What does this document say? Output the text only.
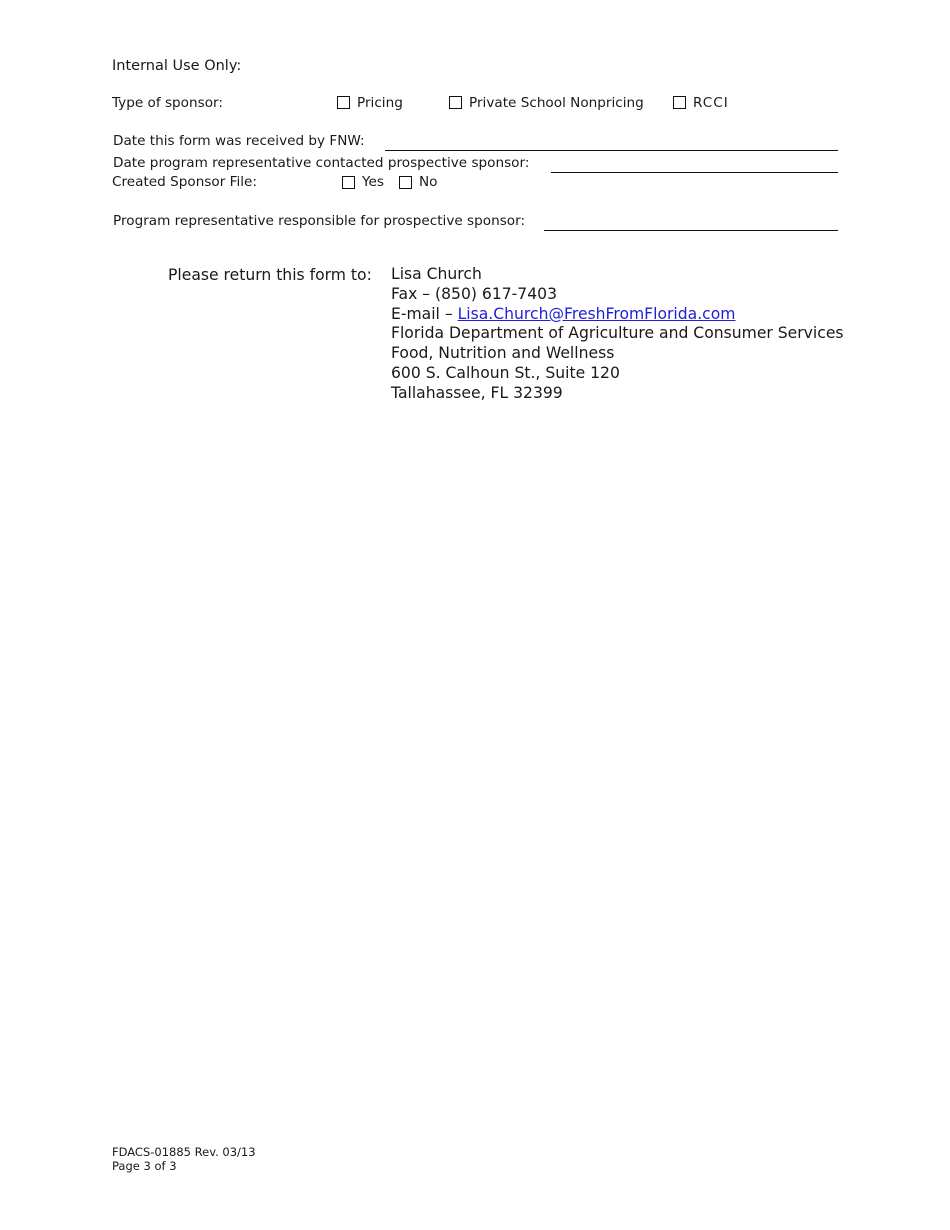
Internal Use Only:
Type of sponsor:	Pricing	Private School Nonpricing	RCCI
Date this form was received by FNW:
Date program representative contacted prospective sponsor:
Created Sponsor File:	Yes	No
Program representative responsible for prospective sponsor:
Please return this form to: Lisa Church
Fax – (850) 617-7403
E-mail – Lisa.Church@FreshFromFlorida.com
Florida Department of Agriculture and Consumer Services
Food, Nutrition and Wellness
600 S. Calhoun St., Suite 120
Tallahassee, FL 32399
FDACS-01885 Rev. 03/13
Page 3 of 3
